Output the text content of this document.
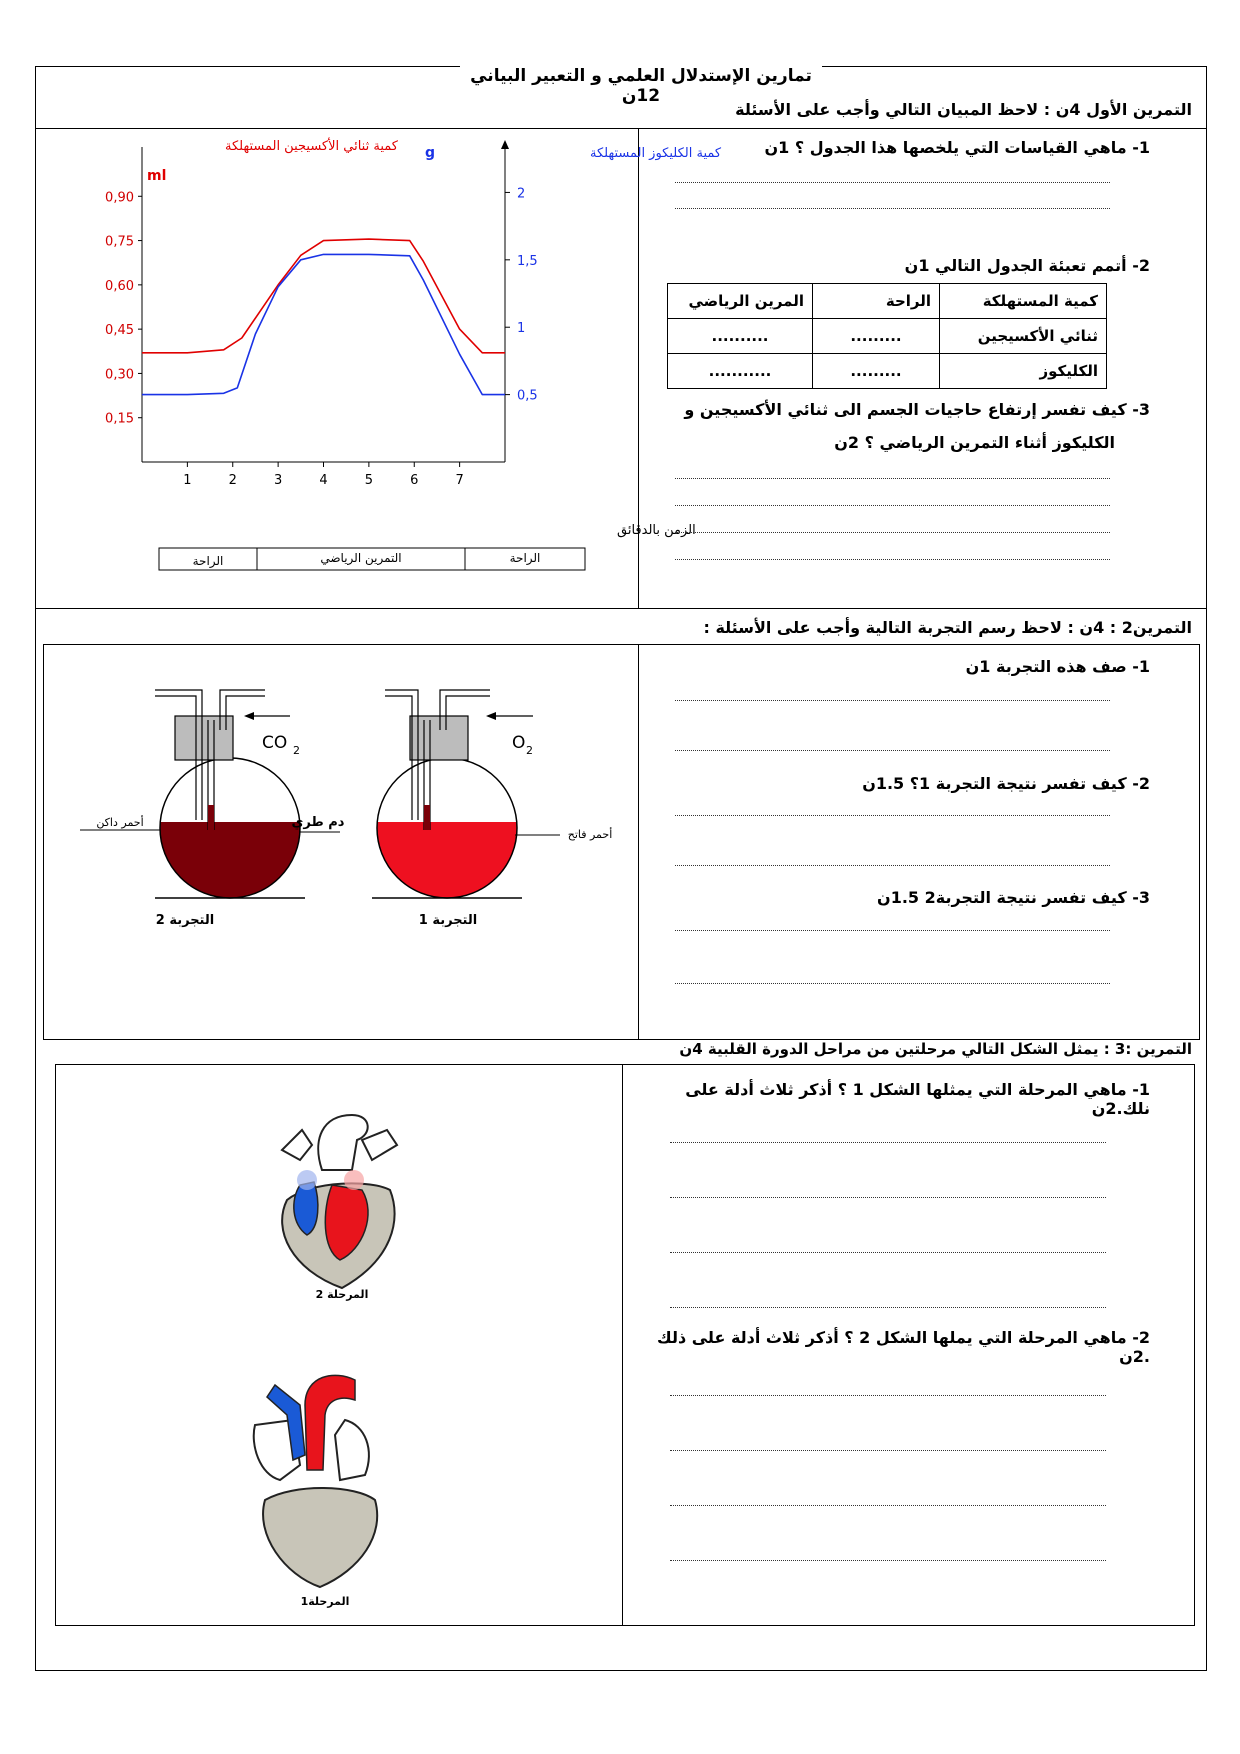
تمارين الإستدلال العلمي و التعبير البياني 12ن
التمرين الأول 4ن : لاحظ المبيان التالي وأجب على الأسئلة
كمية ثنائي الأكسيجين المستهلكة	كمية الكليكوز المستهلكة
g
ml
0,15
0,30
0,45
0,60
0,75
0,90
0,5
1
1,5
2
1	2	3	4	5	6	7
الزمن بالدقائق
الراحة	التمرين الرياضي	الراحة
1- ماهي القياسات التي يلخصها هذا الجدول ؟ 1ن
2- أتمم تعبئة الجدول التالي 1ن
كمية المستهلكة	الراحة	المرين الرياضي
ثنائي الأكسيجين	.........	..........
الكليكوز	.........	...........
3- كيف تفسر إرتفاع حاجيات الجسم الى ثنائي الأكسيجين و
الكليكوز أثناء التمرين الرياضي ؟ 2ن
التمرين2 : 4ن : لاحظ رسم التجربة التالية وأجب على الأسئلة :
CO 2
أحمر داكن
التجربة 2
دم طري
O 2
أحمر فاتح
التجربة 1
1- صف هذه التجربة 1ن
2- كيف تفسر نتيجة التجربة 1؟ 1.5ن
3- كيف تفسر نتيجة التجربة2 1.5ن
التمرين :3 : يمثل الشكل التالي مرحلتين من مراحل الدورة القلبية 4ن
المرحلة 2
المرحلة1
1- ماهي المرحلة التي يمثلها الشكل 1 ؟ أذكر ثلاث أدلة على نلك.2ن
2- ماهي المرحلة التي يملها الشكل 2 ؟ أذكر ثلاث أدلة على ذلك .2ن
